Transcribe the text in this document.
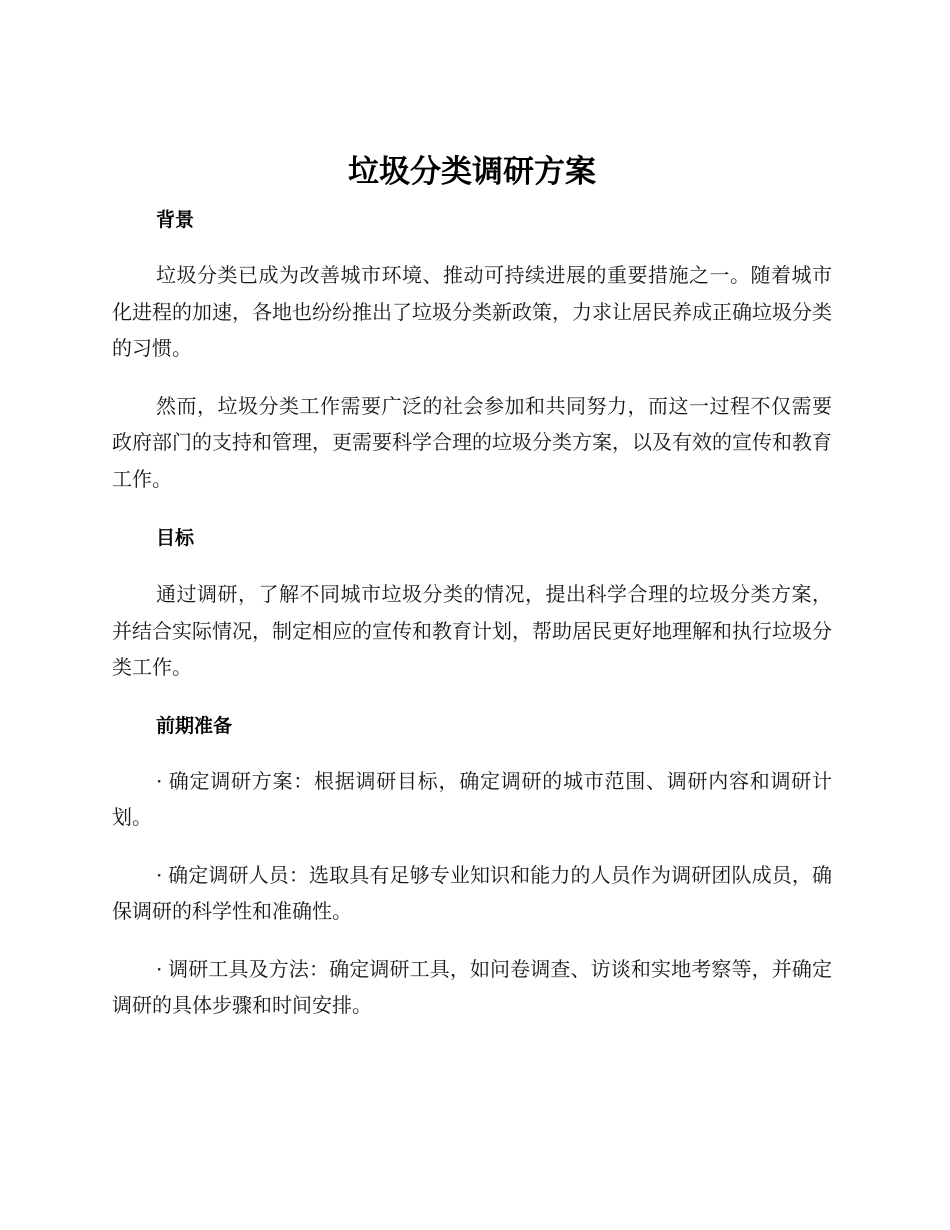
垃圾分类调研方案
背景

垃圾分类已成为改善城市环境、推动可持续进展的重要措施之一。随着城市化进程的加速，各地也纷纷推出了垃圾分类新政策，力求让居民养成正确垃圾分类的习惯。

然而，垃圾分类工作需要广泛的社会参加和共同努力，而这一过程不仅需要政府部门的支持和管理，更需要科学合理的垃圾分类方案，以及有效的宣传和教育工作。

目标

通过调研，了解不同城市垃圾分类的情况，提出科学合理的垃圾分类方案，并结合实际情况，制定相应的宣传和教育计划，帮助居民更好地理解和执行垃圾分类工作。

前期准备

· 确定调研方案：根据调研目标，确定调研的城市范围、调研内容和调研计划。

· 确定调研人员：选取具有足够专业知识和能力的人员作为调研团队成员，确保调研的科学性和准确性。

· 调研工具及方法：确定调研工具，如问卷调查、访谈和实地考察等，并确定调研的具体步骤和时间安排。
